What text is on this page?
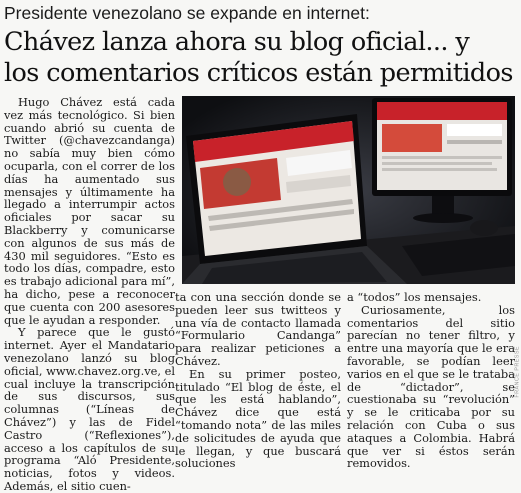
Presidente venezolano se expande en internet:
Chávez lanza ahora su blog oficial... y
los comentarios críticos están permitidos

Hugo Chávez está cada vez más tecnológico. Si bien cuando abrió su cuenta de Twitter (@chavezcandanga) no sabía muy bien cómo ocuparla, con el correr de los días ha aumentado sus mensajes y últimamente ha llegado a interrumpir actos oficiales por sacar su Blackberry y comunicarse con algunos de sus más de 430 mil seguidores. “Esto es todo los días, compadre, esto es trabajo adicional para mí”, ha dicho, pese a reconocer que cuenta con 200 asesores que le ayudan a responder.

Y parece que le gustó internet. Ayer el Mandatario venezolano lanzó su blog oficial, www.chavez.org.ve, el cual incluye la transcripción de sus discursos, sus columnas (“Líneas de Chávez”) y las de Fidel Castro (“Reflexiones”), acceso a los capítulos de su programa “Aló Presidente, noticias, fotos y videos. Además, el sitio cuen-

FRANCE PRESSE

ta con una sección donde se pueden leer sus twitteos y una vía de contacto llamada “Formulario Candanga” para realizar peticiones a Chávez.

En su primer posteo, titulado “El blog de éste, el que les está hablando”, Chávez dice que está “tomando nota” de las miles de solicitudes de ayuda que le llegan, y que buscará soluciones

a “todos” los mensajes.

Curiosamente, los comentarios del sitio parecían no tener filtro, y entre una mayoría que le era favorable, se podían leer varios en el que se le trataba de “dictador”, se cuestionaba su “revolución” y se le criticaba por su relación con Cuba o sus ataques a Colombia. Habrá que ver si éstos serán removidos.
